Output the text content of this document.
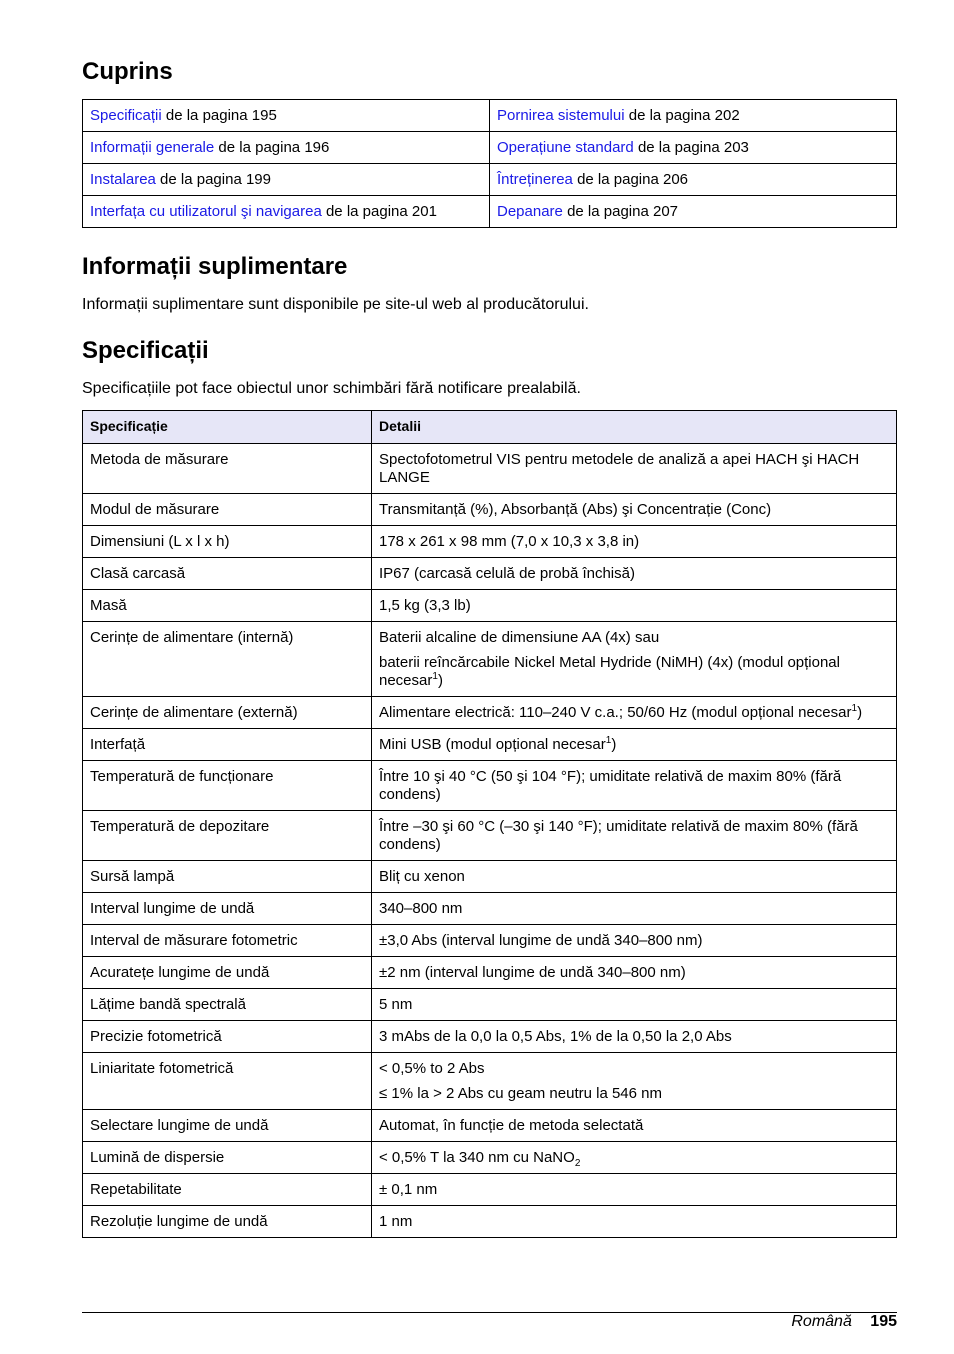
Cuprins
Specificații de la pagina 195	Pornirea sistemului de la pagina 202
Informații generale de la pagina 196	Operațiune standard de la pagina 203
Instalarea de la pagina 199	Întreținerea de la pagina 206
Interfața cu utilizatorul şi navigarea de la pagina 201	Depanare de la pagina 207
Informații suplimentare

Informații suplimentare sunt disponibile pe site-ul web al producătorului.

Specificații

Specificațiile pot face obiectul unor schimbări fără notificare prealabilă.

Specificație	Detalii
Metoda de măsurare	Spectofotometrul VIS pentru metodele de analiză a apei HACH şi HACH LANGE

Modul de măsurare	Transmitanță (%), Absorbanță (Abs) şi Concentrație (Conc)

Dimensiuni (L x l x h)	178 x 261 x 98 mm (7,0 x 10,3 x 3,8 in)

Clasă carcasă	IP67 (carcasă celulă de probă închisă)

Masă	1,5 kg (3,3 lb)

Cerințe de alimentare (internă)	Baterii alcaline de dimensiune AA (4x) sau

baterii reîncărcabile Nickel Metal Hydride (NiMH) (4x) (modul opțional necesar$^1$)

Cerințe de alimentare (externă)	Alimentare electrică: 110–240 V c.a.; 50/60 Hz (modul opțional necesar$^1$)

Interfață	Mini USB (modul opțional necesar$^1$)

Temperatură de funcționare	Între 10 şi 40 °C (50 şi 104 °F); umiditate relativă de maxim 80% (fără condens)

Temperatură de depozitare	Între –30 şi 60 °C (–30 şi 140 °F); umiditate relativă de maxim 80% (fără condens)

Sursă lampă	Bliț cu xenon

Interval lungime de undă	340–800 nm

Interval de măsurare fotometric	±3,0 Abs (interval lungime de undă 340–800 nm)

Acuratețe lungime de undă	±2 nm (interval lungime de undă 340–800 nm)

Lățime bandă spectrală	5 nm

Precizie fotometrică	3 mAbs de la 0,0 la 0,5 Abs, 1% de la 0,50 la 2,0 Abs

Liniaritate fotometrică	< 0,5% to 2 Abs

≤ 1% la > 2 Abs cu geam neutru la 546 nm

Selectare lungime de undă	Automat, în funcție de metoda selectată

Lumină de dispersie	< 0,5% T la 340 nm cu NaNO$_2$

Repetabilitate	± 0,1 nm

Rezoluție lungime de undă	1 nm

Română 195
